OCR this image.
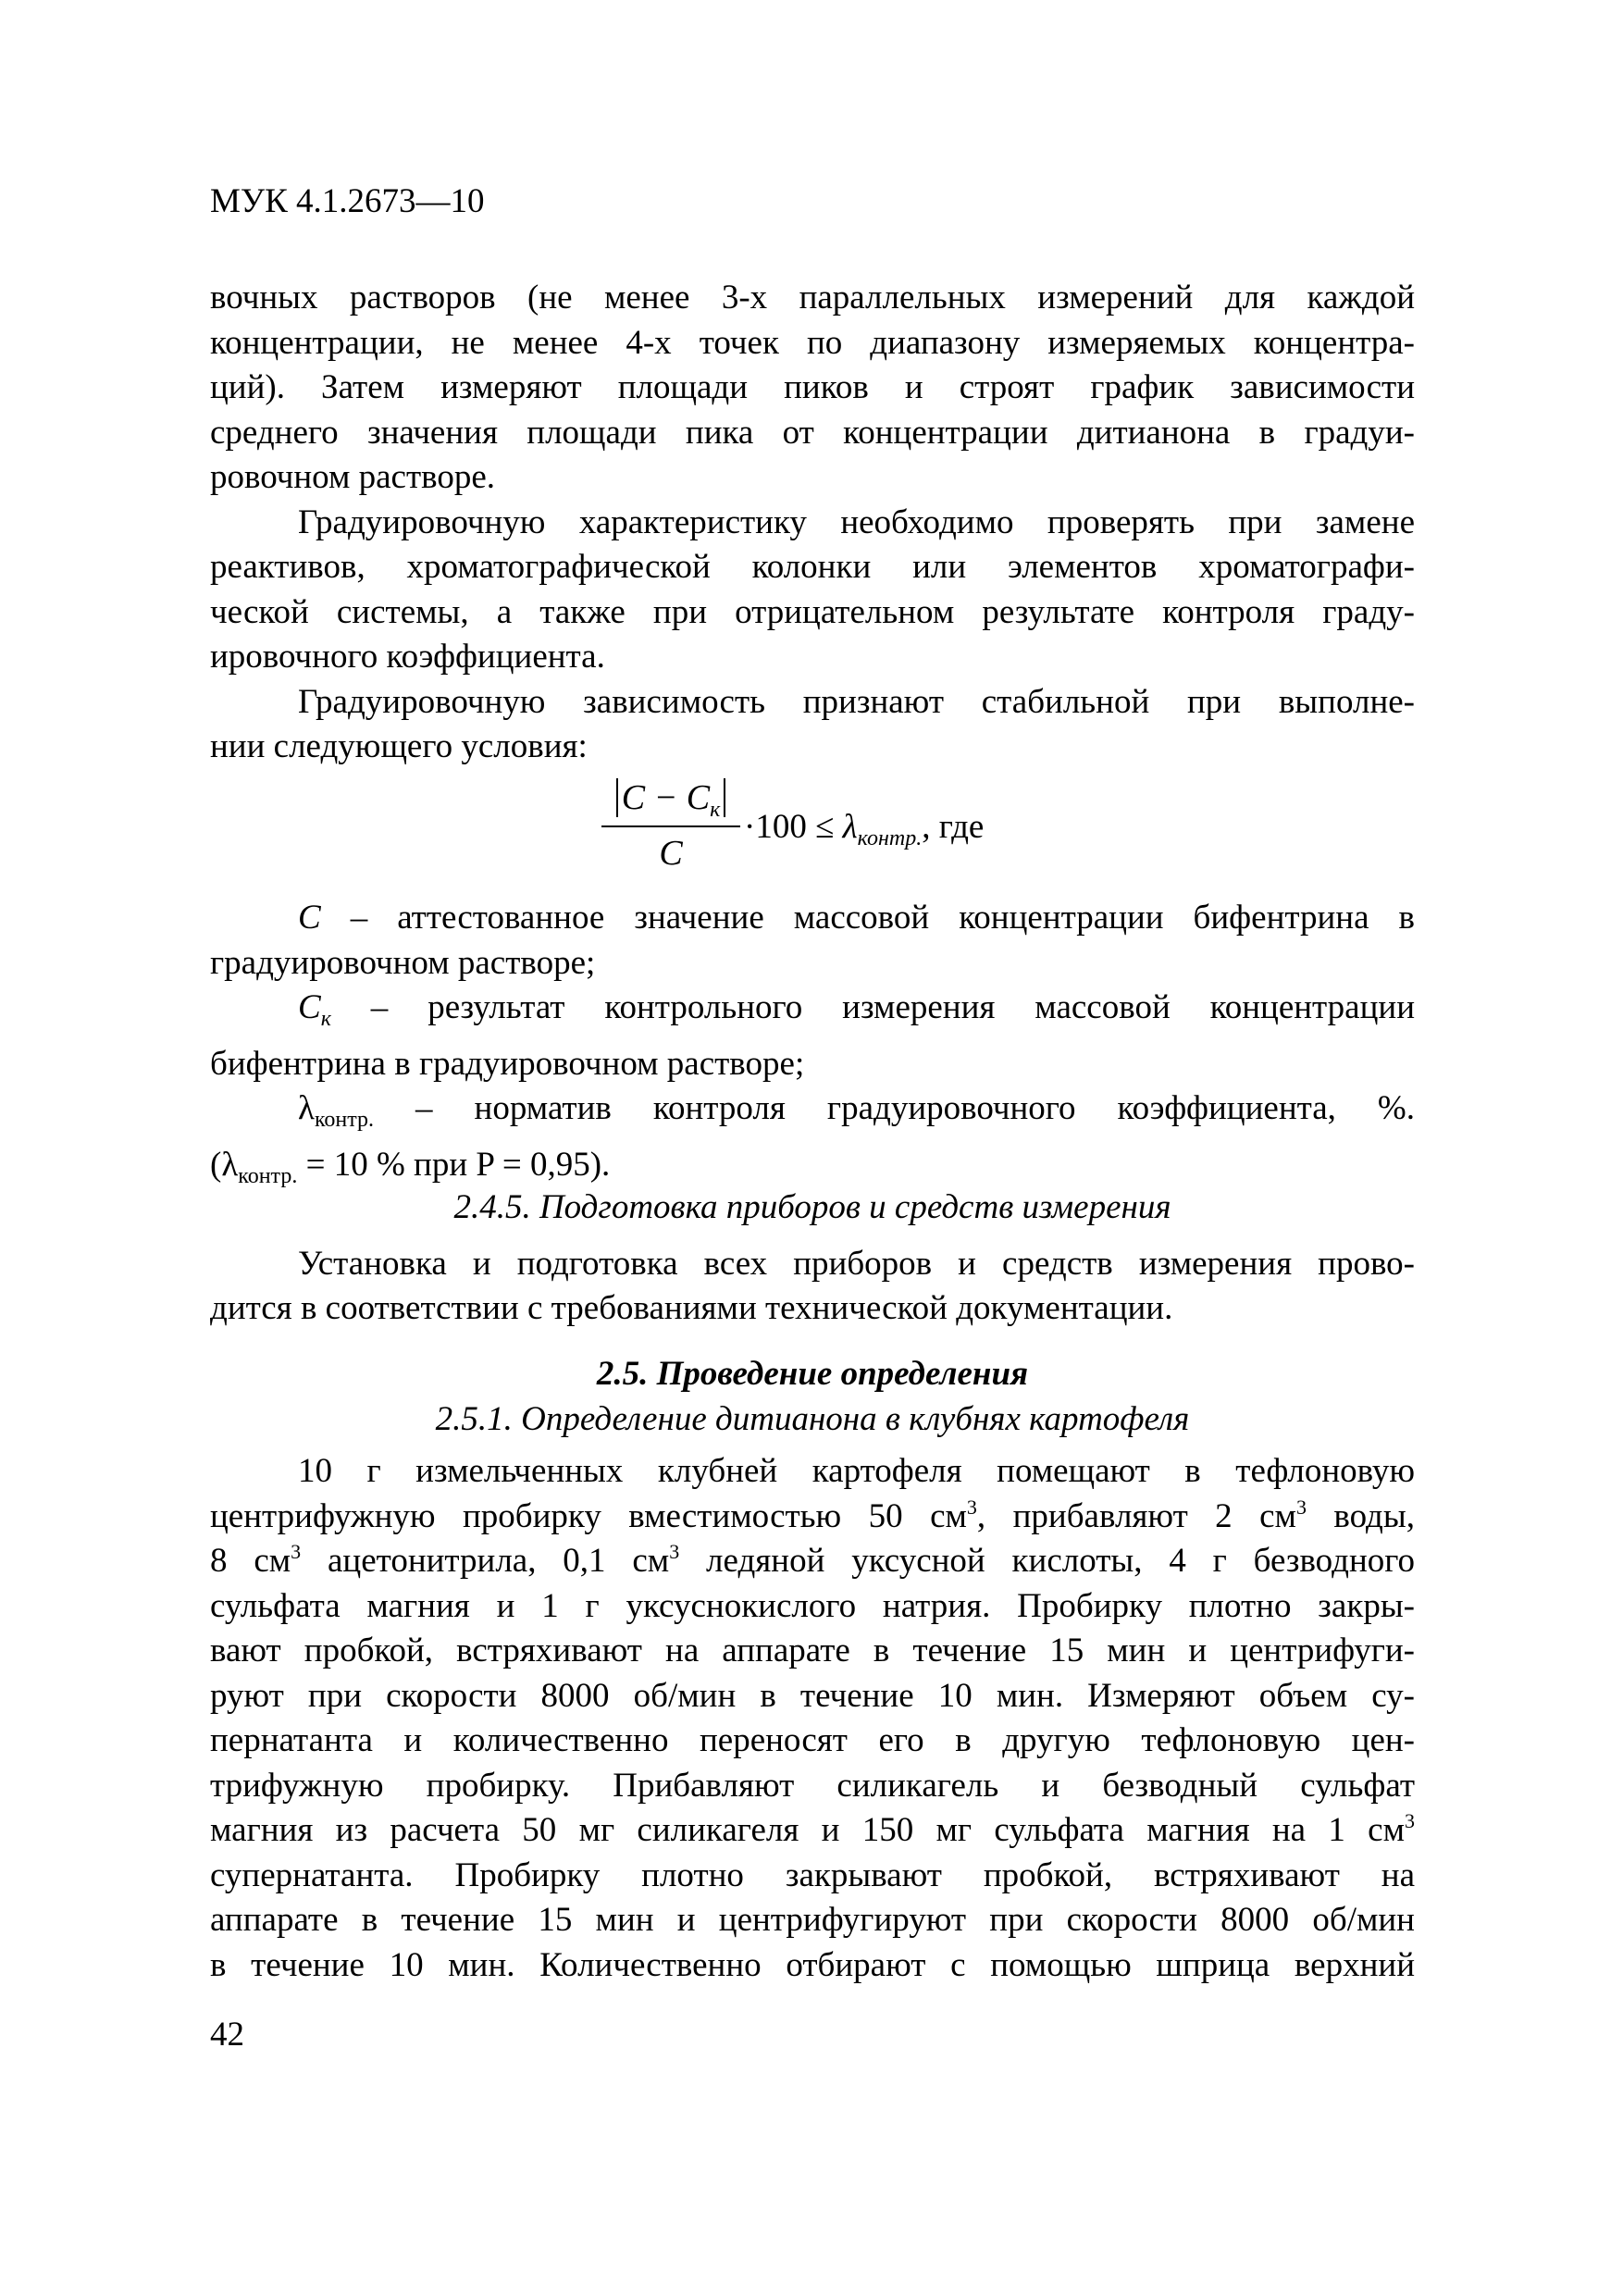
МУК 4.1.2673—10

вочных растворов (не менее 3-х параллельных измерений для каждой

концентрации, не менее 4-х точек по диапазону измеряемых концентра-

ций). Затем измеряют площади пиков и строят график зависимости

среднего значения площади пика от концентрации дитианона в градуи-

ровочном растворе.

Градуировочную характеристику необходимо проверять при замене

реактивов, хроматографической колонки или элементов хроматографи-

ческой системы, а также при отрицательном результате контроля граду-

ировочного коэффициента.

Градуировочную зависимость признают стабильной при выполне-

нии следующего условия:

$C - C_к$
C
$\cdot 100 \le \lambda_{контр.}$, где

C – аттестованное значение массовой концентрации бифентрина в

градуировочном растворе;

$C_к$ – результат контрольного измерения массовой концентрации

бифентрина в градуировочном растворе;

$\lambda_{контр.}$ – норматив контроля градуировочного коэффициента, %.

($\lambda_{контр.} = 10$ % при P = 0,95).

2.4.5. Подготовка приборов и средств измерения

Установка и подготовка всех приборов и средств измерения прово-

дится в соответствии с требованиями технической документации.

2.5. Проведение определения

2.5.1. Определение дитианона в клубнях картофеля

10 г измельченных клубней картофеля помещают в тефлоновую

центрифужную пробирку вместимостью 50 $см^3$, прибавляют 2 $см^3$ воды,

8 $см^3$ ацетонитрила, 0,1 $см^3$ ледяной уксусной кислоты, 4 г безводного

сульфата магния и 1 г уксуснокислого натрия. Пробирку плотно закры-

вают пробкой, встряхивают на аппарате в течение 15 мин и центрифуги-

руют при скорости 8000 об/мин в течение 10 мин. Измеряют объем су-

пернатанта и количественно переносят его в другую тефлоновую цен-

трифужную пробирку. Прибавляют силикагель и безводный сульфат

магния из расчета 50 мг силикагеля и 150 мг сульфата магния на 1 $см^3$

супернатанта. Пробирку плотно закрывают пробкой, встряхивают на

аппарате в течение 15 мин и центрифугируют при скорости 8000 об/мин

в течение 10 мин. Количественно отбирают с помощью шприца верхний

42
